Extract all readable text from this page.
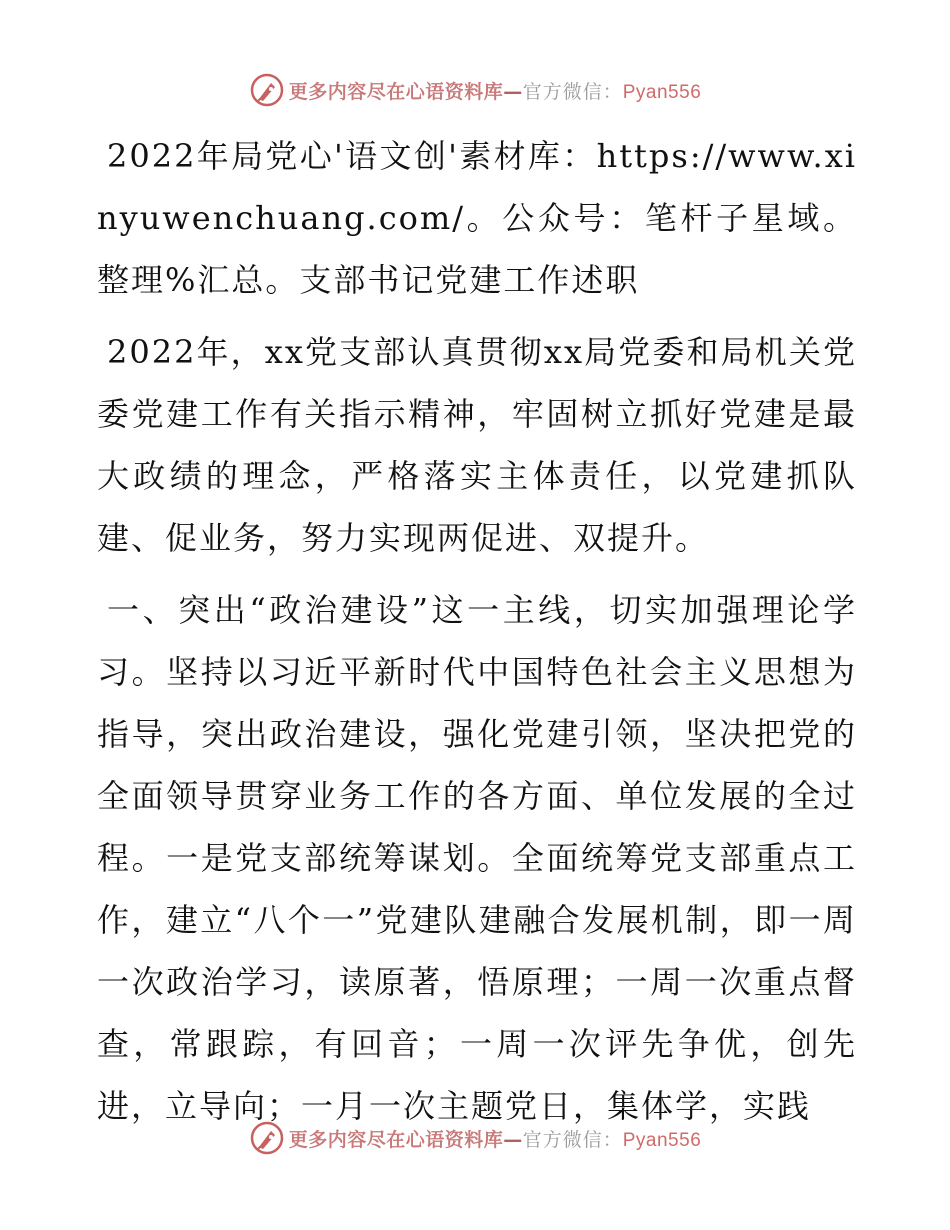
更多内容尽在心语资料库—官方微信：Pyan556

2022年局党心'语文创'素材库：https://www.xinyuwenchuang.com/。公众号：笔杆子星域。整理%汇总。支部书记党建工作述职

2022年，xx党支部认真贯彻xx局党委和局机关党委党建工作有关指示精神，牢固树立抓好党建是最大政绩的理念，严格落实主体责任，以党建抓队建、促业务，努力实现两促进、双提升。

一、突出“政治建设”这一主线，切实加强理论学习。坚持以习近平新时代中国特色社会主义思想为指导，突出政治建设，强化党建引领，坚决把党的全面领导贯穿业务工作的各方面、单位发展的全过程。一是党支部统筹谋划。全面统筹党支部重点工作，建立“八个一”党建队建融合发展机制，即一周一次政治学习，读原著，悟原理；一周一次重点督查，常跟踪，有回音；一周一次评先争优，创先进，立导向；一月一次主题党日，集体学，实践

更多内容尽在心语资料库—官方微信：Pyan556
